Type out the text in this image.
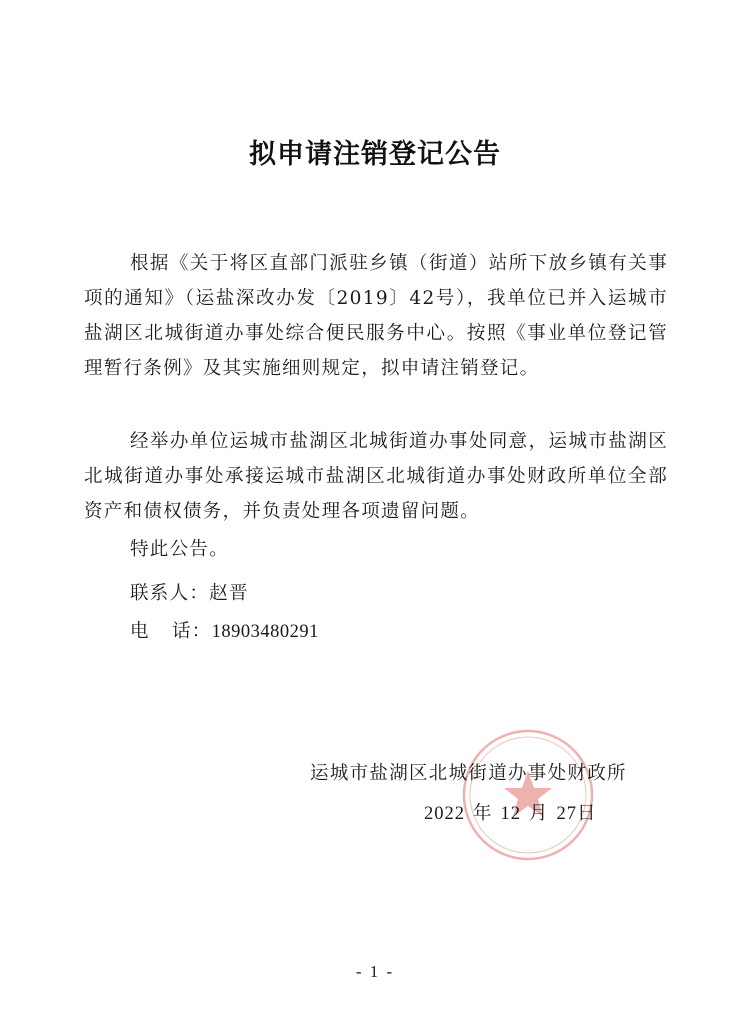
拟申请注销登记公告

根据《关于将区直部门派驻乡镇（街道）站所下放乡镇有关事项的通知》（运盐深改办发〔2019〕42号），我单位已并入运城市盐湖区北城街道办事处综合便民服务中心。按照《事业单位登记管理暂行条例》及其实施细则规定，拟申请注销登记。

经举办单位运城市盐湖区北城街道办事处同意，运城市盐湖区北城街道办事处承接运城市盐湖区北城街道办事处财政所单位全部资产和债权债务，并负责处理各项遗留问题。

特此公告。

联系人：赵晋
电 话：18903480291
运城市盐湖区北城街道办事处财政所
2022 年 12 月 27日
- 1 -
